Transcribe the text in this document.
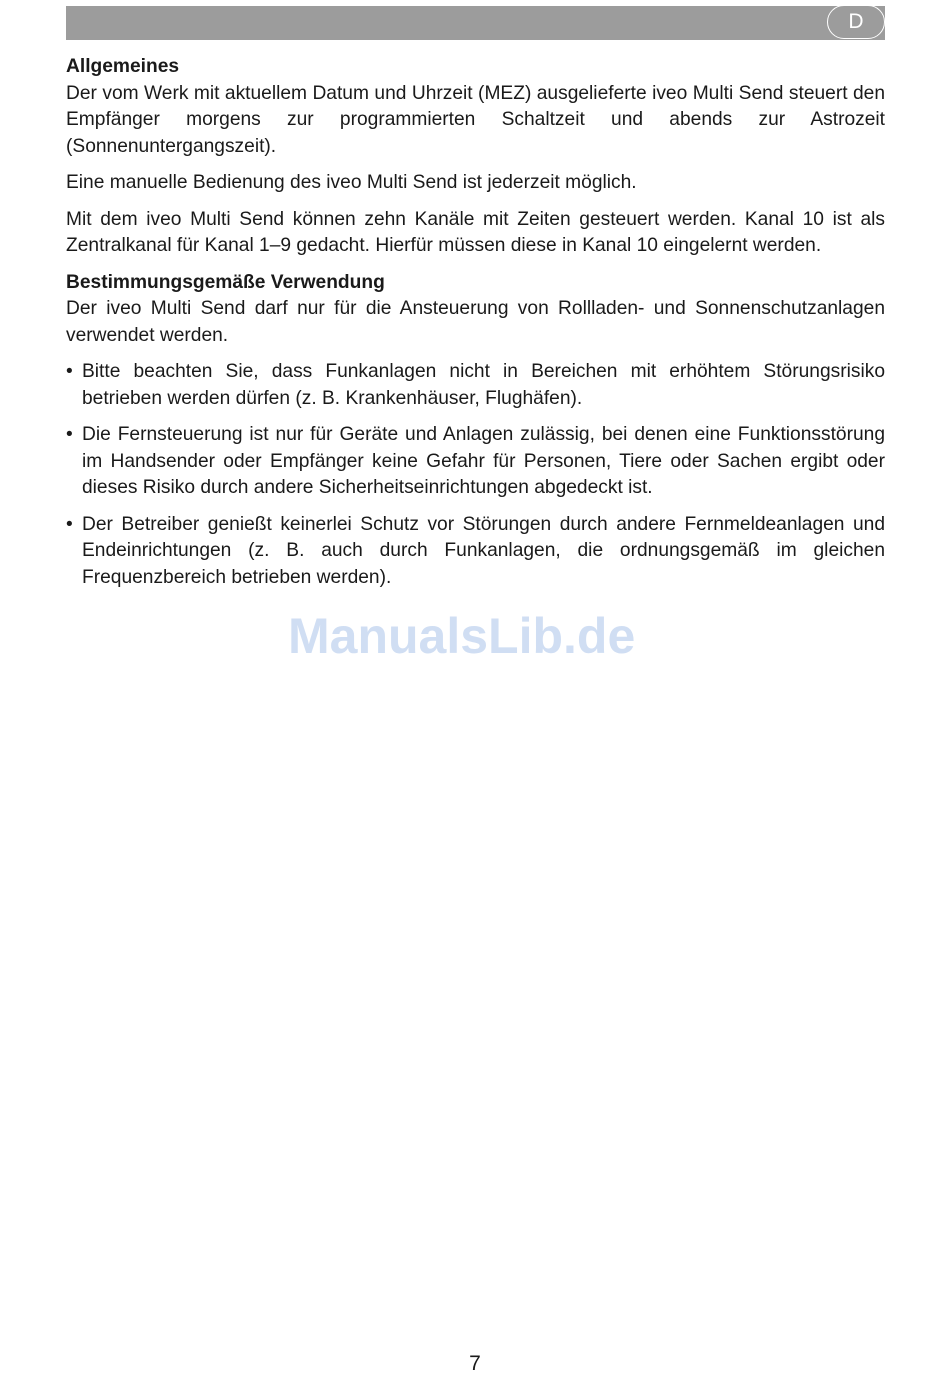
D
Allgemeines

Der vom Werk mit aktuellem Datum und Uhrzeit (MEZ) ausgelieferte iveo Multi Send steuert den Empfänger morgens zur programmierten Schaltzeit und abends zur Astrozeit (Sonnenuntergangszeit).

Eine manuelle Bedienung des iveo Multi Send ist jederzeit möglich.

Mit dem iveo Multi Send können zehn Kanäle mit Zeiten gesteuert werden. Kanal 10 ist als Zentralkanal für Kanal 1–9 gedacht. Hierfür müssen diese in Kanal 10 eingelernt werden.

Bestimmungsgemäße Verwendung

Der iveo Multi Send darf nur für die Ansteuerung von Rollladen- und Sonnenschutzanlagen verwendet werden.

• Bitte beachten Sie, dass Funkanlagen nicht in Bereichen mit erhöhtem Störungsrisiko betrieben werden dürfen (z. B. Krankenhäuser, Flughäfen).
• Die Fernsteuerung ist nur für Geräte und Anlagen zulässig, bei denen eine Funktionsstörung im Handsender oder Empfänger keine Gefahr für Personen, Tiere oder Sachen ergibt oder dieses Risiko durch andere Sicherheitseinrichtungen abgedeckt ist.
• Der Betreiber genießt keinerlei Schutz vor Störungen durch andere Fernmeldeanlagen und Endeinrichtungen (z. B. auch durch Funkanlagen, die ordnungsgemäß im gleichen Frequenzbereich betrieben werden).
ManualsLib.de
7
